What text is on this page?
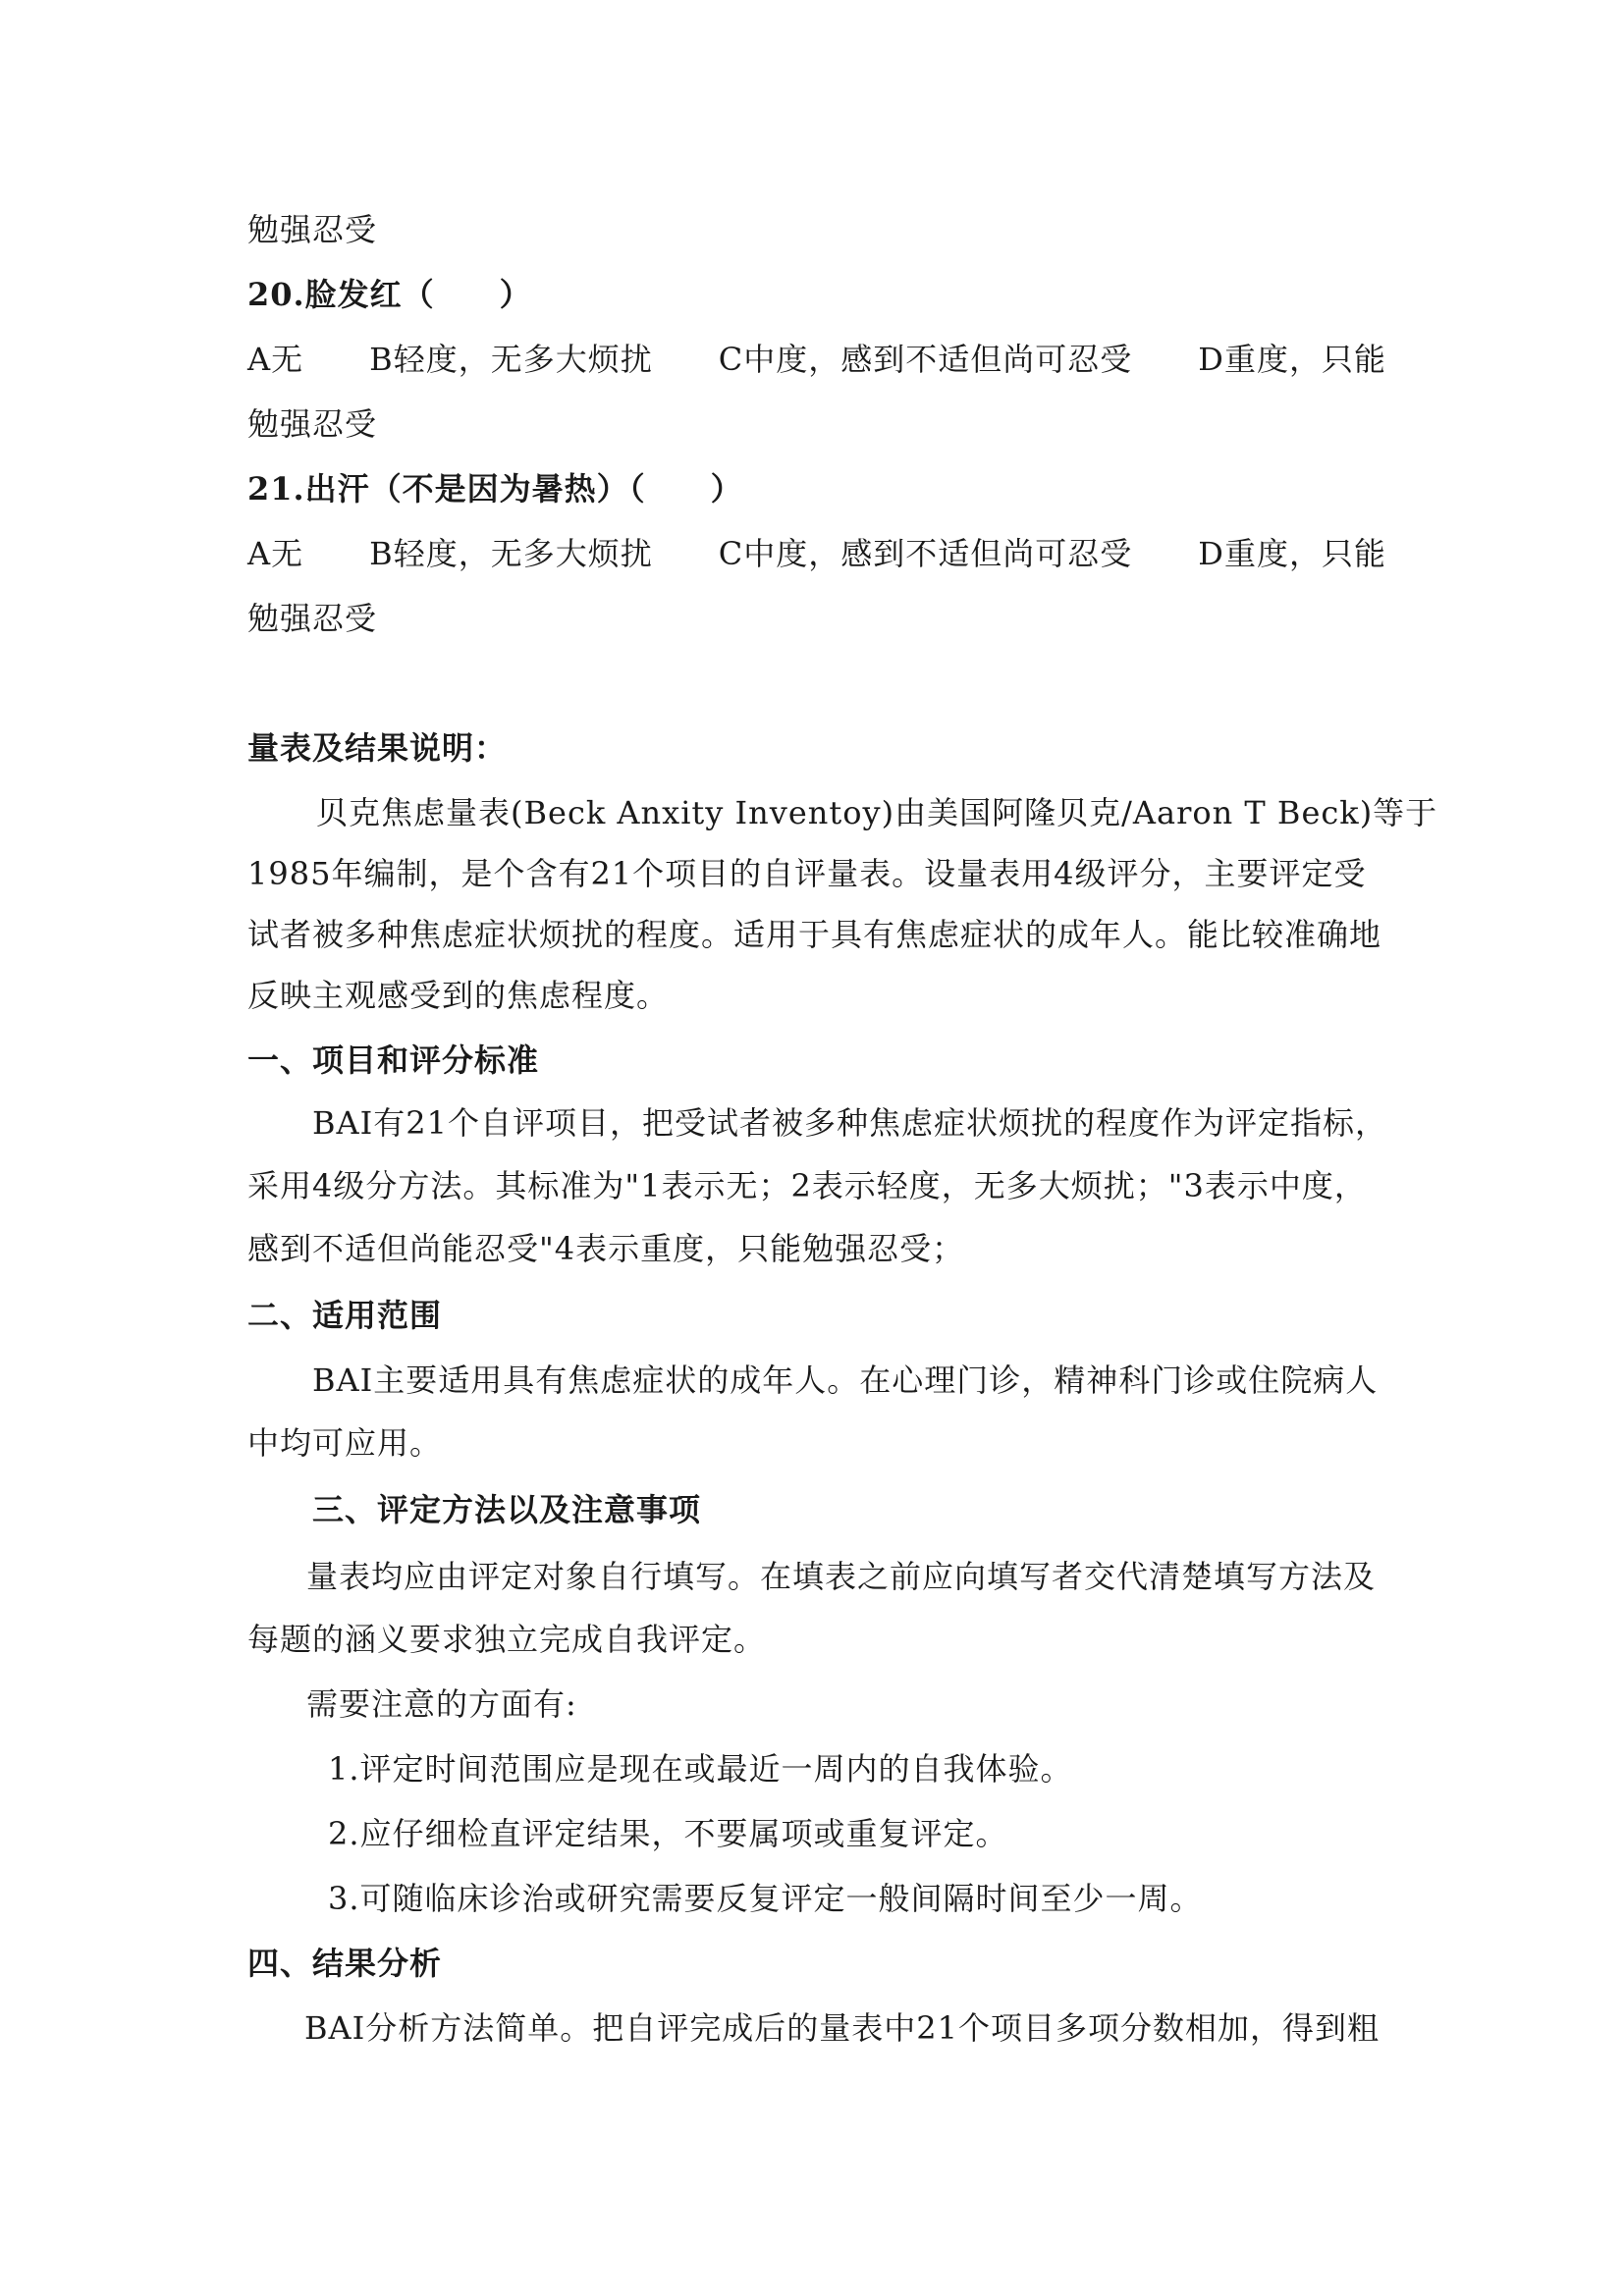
勉强忍受

20.脸发红（　　）

A无 B轻度，无多大烦扰 C中度，感到不适但尚可忍受 D重度，只能

勉强忍受

21.出汗（不是因为暑热）（　　）

A无 B轻度，无多大烦扰 C中度，感到不适但尚可忍受 D重度，只能

勉强忍受

量表及结果说明：

贝克焦虑量表(Beck Anxity Inventoy)由美国阿隆贝克/Aaron T Beck)等于

1985年编制，是个含有21个项目的自评量表。设量表用4级评分，主要评定受

试者被多种焦虑症状烦扰的程度。适用于具有焦虑症状的成年人。能比较准确地

反映主观感受到的焦虑程度。

一、项目和评分标准

BAI有21个自评项目，把受试者被多种焦虑症状烦扰的程度作为评定指标，

采用4级分方法。其标准为"1表示无；2表示轻度，无多大烦扰；"3表示中度，

感到不适但尚能忍受"4表示重度，只能勉强忍受；

二、适用范围

BAI主要适用具有焦虑症状的成年人。在心理门诊，精神科门诊或住院病人

中均可应用。

三、评定方法以及注意事项

量表均应由评定对象自行填写。在填表之前应向填写者交代清楚填写方法及

每题的涵义要求独立完成自我评定。

需要注意的方面有:

1.评定时间范围应是现在或最近一周内的自我体验。

2.应仔细检直评定结果，不要属项或重复评定。

3.可随临床诊治或研究需要反复评定一般间隔时间至少一周。

四、结果分析

BAI分析方法简单。把自评完成后的量表中21个项目多项分数相加，得到粗
